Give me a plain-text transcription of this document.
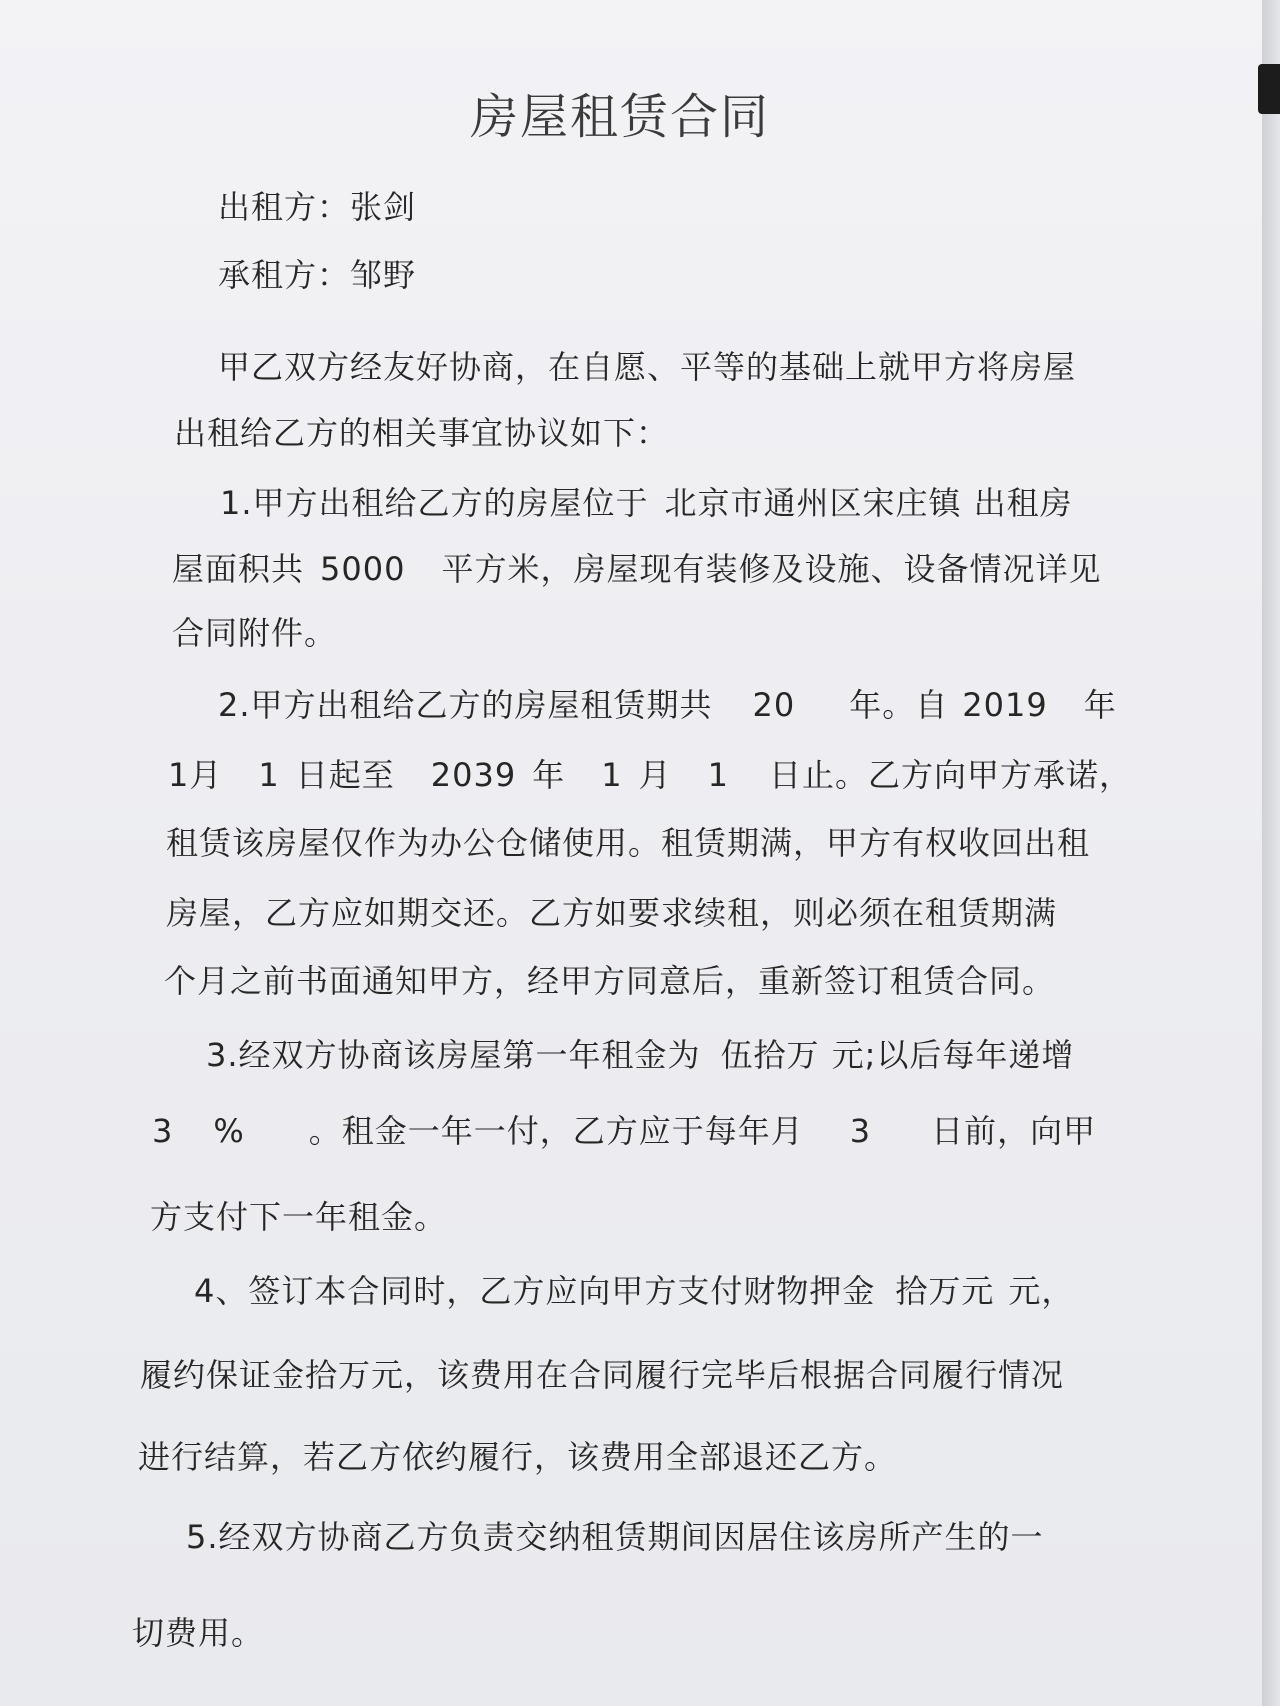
房屋租赁合同
出租方：张剑
承租方：邹野
甲乙双方经友好协商，在自愿、平等的基础上就甲方将房屋
出租给乙方的相关事宜协议如下：
1.甲方出租给乙方的房屋位于 北京市通州区宋庄镇 出租房
屋面积共 5000 平方米，房屋现有装修及设施、设备情况详见
合同附件。
2.甲方出租给乙方的房屋租赁期共 20 年。自 2019 年
1月 1 日起至 2039 年 1 月 1 日止。乙方向甲方承诺，
租赁该房屋仅作为办公仓储使用。租赁期满，甲方有权收回出租
房屋，乙方应如期交还。乙方如要求续租，则必须在租赁期满
个月之前书面通知甲方，经甲方同意后，重新签订租赁合同。
3.经双方协商该房屋第一年租金为 伍拾万 元;以后每年递增
3 % 。租金一年一付，乙方应于每年月 3 日前，向甲
方支付下一年租金。
4、签订本合同时，乙方应向甲方支付财物押金 拾万元 元，
履约保证金拾万元，该费用在合同履行完毕后根据合同履行情况
进行结算，若乙方依约履行，该费用全部退还乙方。
5.经双方协商乙方负责交纳租赁期间因居住该房所产生的一
切费用。
